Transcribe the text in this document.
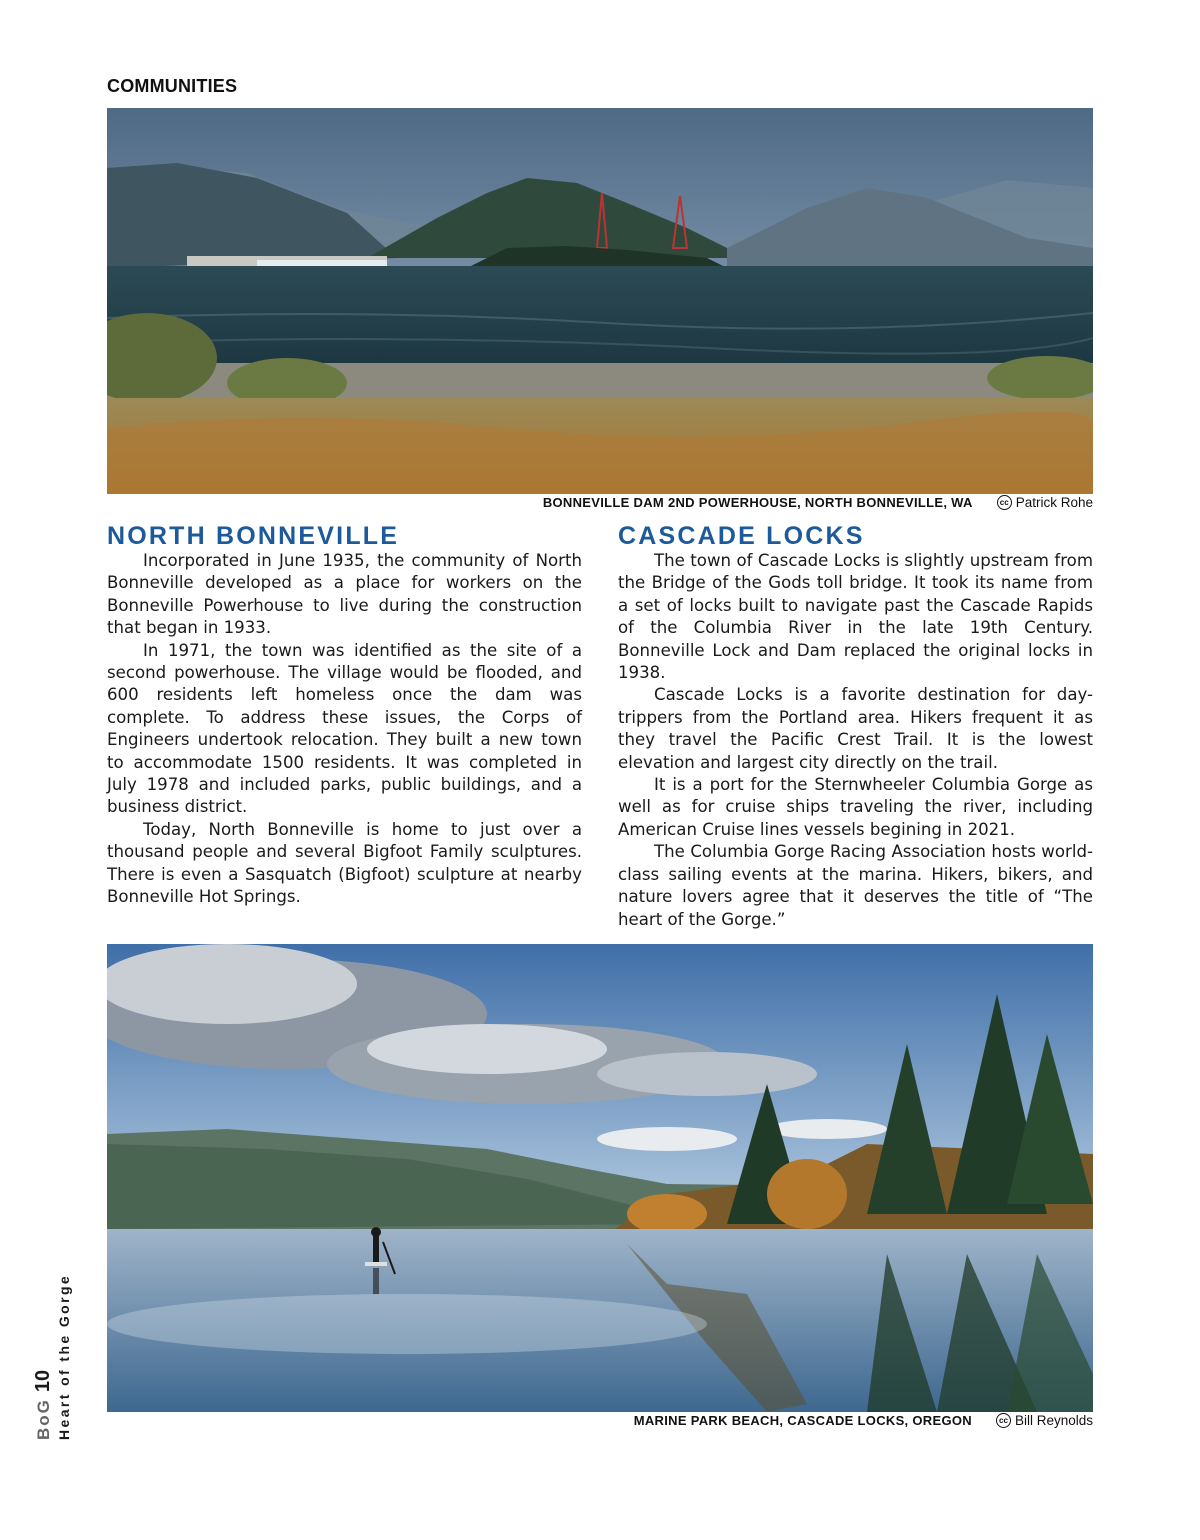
COMMUNITIES
BONNEVILLE DAM 2ND POWERHOUSE, NORTH BONNEVILLE, WA	cc Patrick Rohe
NORTH BONNEVILLE

Incorporated in June 1935, the community of North Bonneville developed as a place for workers on the Bonneville Powerhouse to live during the construction that began in 1933.

In 1971, the town was identified as the site of a second powerhouse. The village would be flooded, and 600 residents left homeless once the dam was complete. To address these issues, the Corps of Engineers undertook relocation. They built a new town to accommodate 1500 residents. It was completed in July 1978 and included parks, public buildings, and a business district.

Today, North Bonneville is home to just over a thousand people and several Bigfoot Family sculptures. There is even a Sasquatch (Bigfoot) sculpture at nearby Bonneville Hot Springs.

CASCADE LOCKS

The town of Cascade Locks is slightly upstream from the Bridge of the Gods toll bridge. It took its name from a set of locks built to navigate past the Cascade Rapids of the Columbia River in the late 19th Century. Bonneville Lock and Dam replaced the original locks in 1938.

Cascade Locks is a favorite destination for day-trippers from the Portland area. Hikers frequent it as they travel the Pacific Crest Trail. It is the lowest elevation and largest city directly on the trail.

It is a port for the Sternwheeler Columbia Gorge as well as for cruise ships traveling the river, including American Cruise lines vessels begining in 2021.

The Columbia Gorge Racing Association hosts world-class sailing events at the marina. Hikers, bikers, and nature lovers agree that it deserves the title of “The heart of the Gorge.”

MARINE PARK BEACH, CASCADE LOCKS, OREGON	cc Bill Reynolds
BoG
10 Heart of the Gorge
